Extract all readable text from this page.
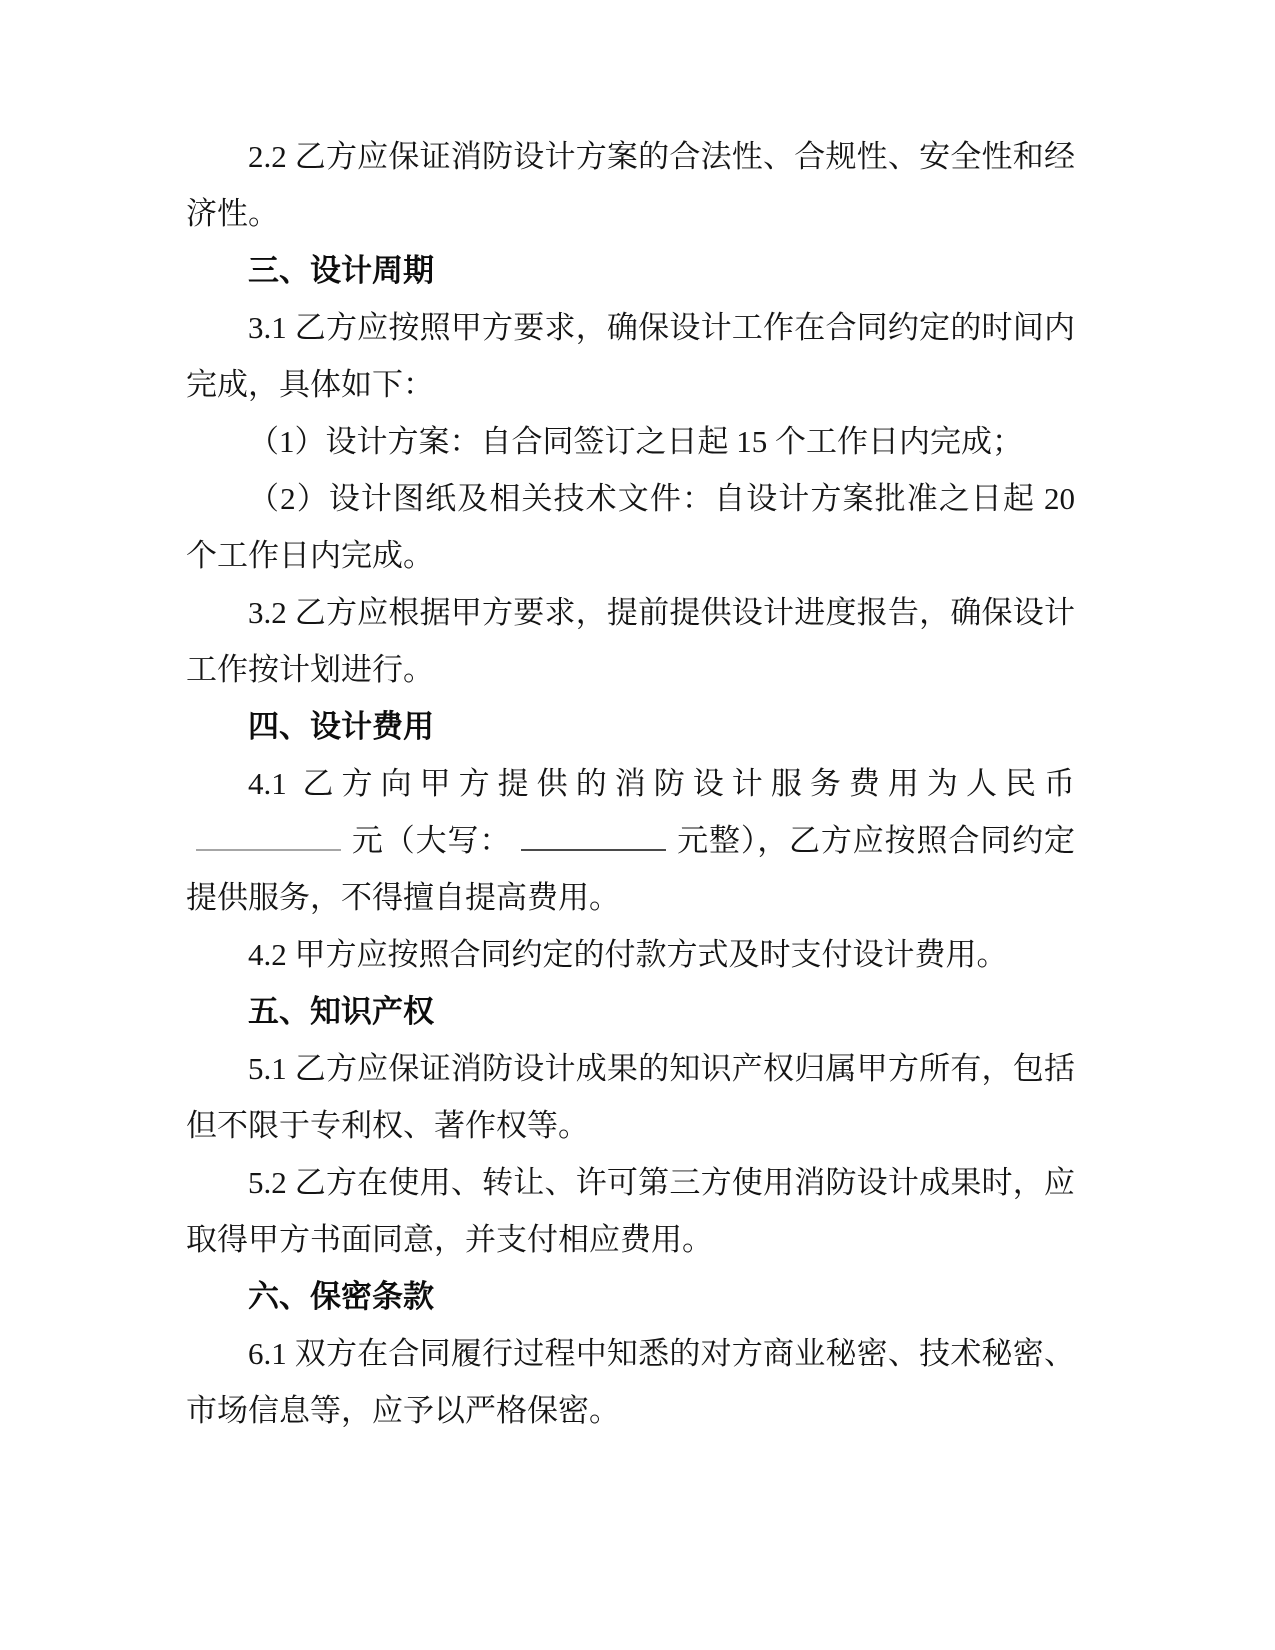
2.2 乙方应保证消防设计方案的合法性、合规性、安全性和经济性。

三、设计周期

3.1 乙方应按照甲方要求，确保设计工作在合同约定的时间内完成，具体如下：

（1）设计方案：自合同签订之日起 15 个工作日内完成；

（2）设计图纸及相关技术文件：自设计方案批准之日起 20 个工作日内完成。

3.2 乙方应根据甲方要求，提前提供设计进度报告，确保设计工作按计划进行。

四、设计费用

4.1 乙方向甲方提供的消防设计服务费用为人民币元（大写：	元整），乙方应按照合同约定提供服务，不得擅自提高费用。

4.2 甲方应按照合同约定的付款方式及时支付设计费用。

五、知识产权

5.1 乙方应保证消防设计成果的知识产权归属甲方所有，包括但不限于专利权、著作权等。

5.2 乙方在使用、转让、许可第三方使用消防设计成果时，应取得甲方书面同意，并支付相应费用。

六、保密条款

6.1 双方在合同履行过程中知悉的对方商业秘密、技术秘密、市场信息等，应予以严格保密。
